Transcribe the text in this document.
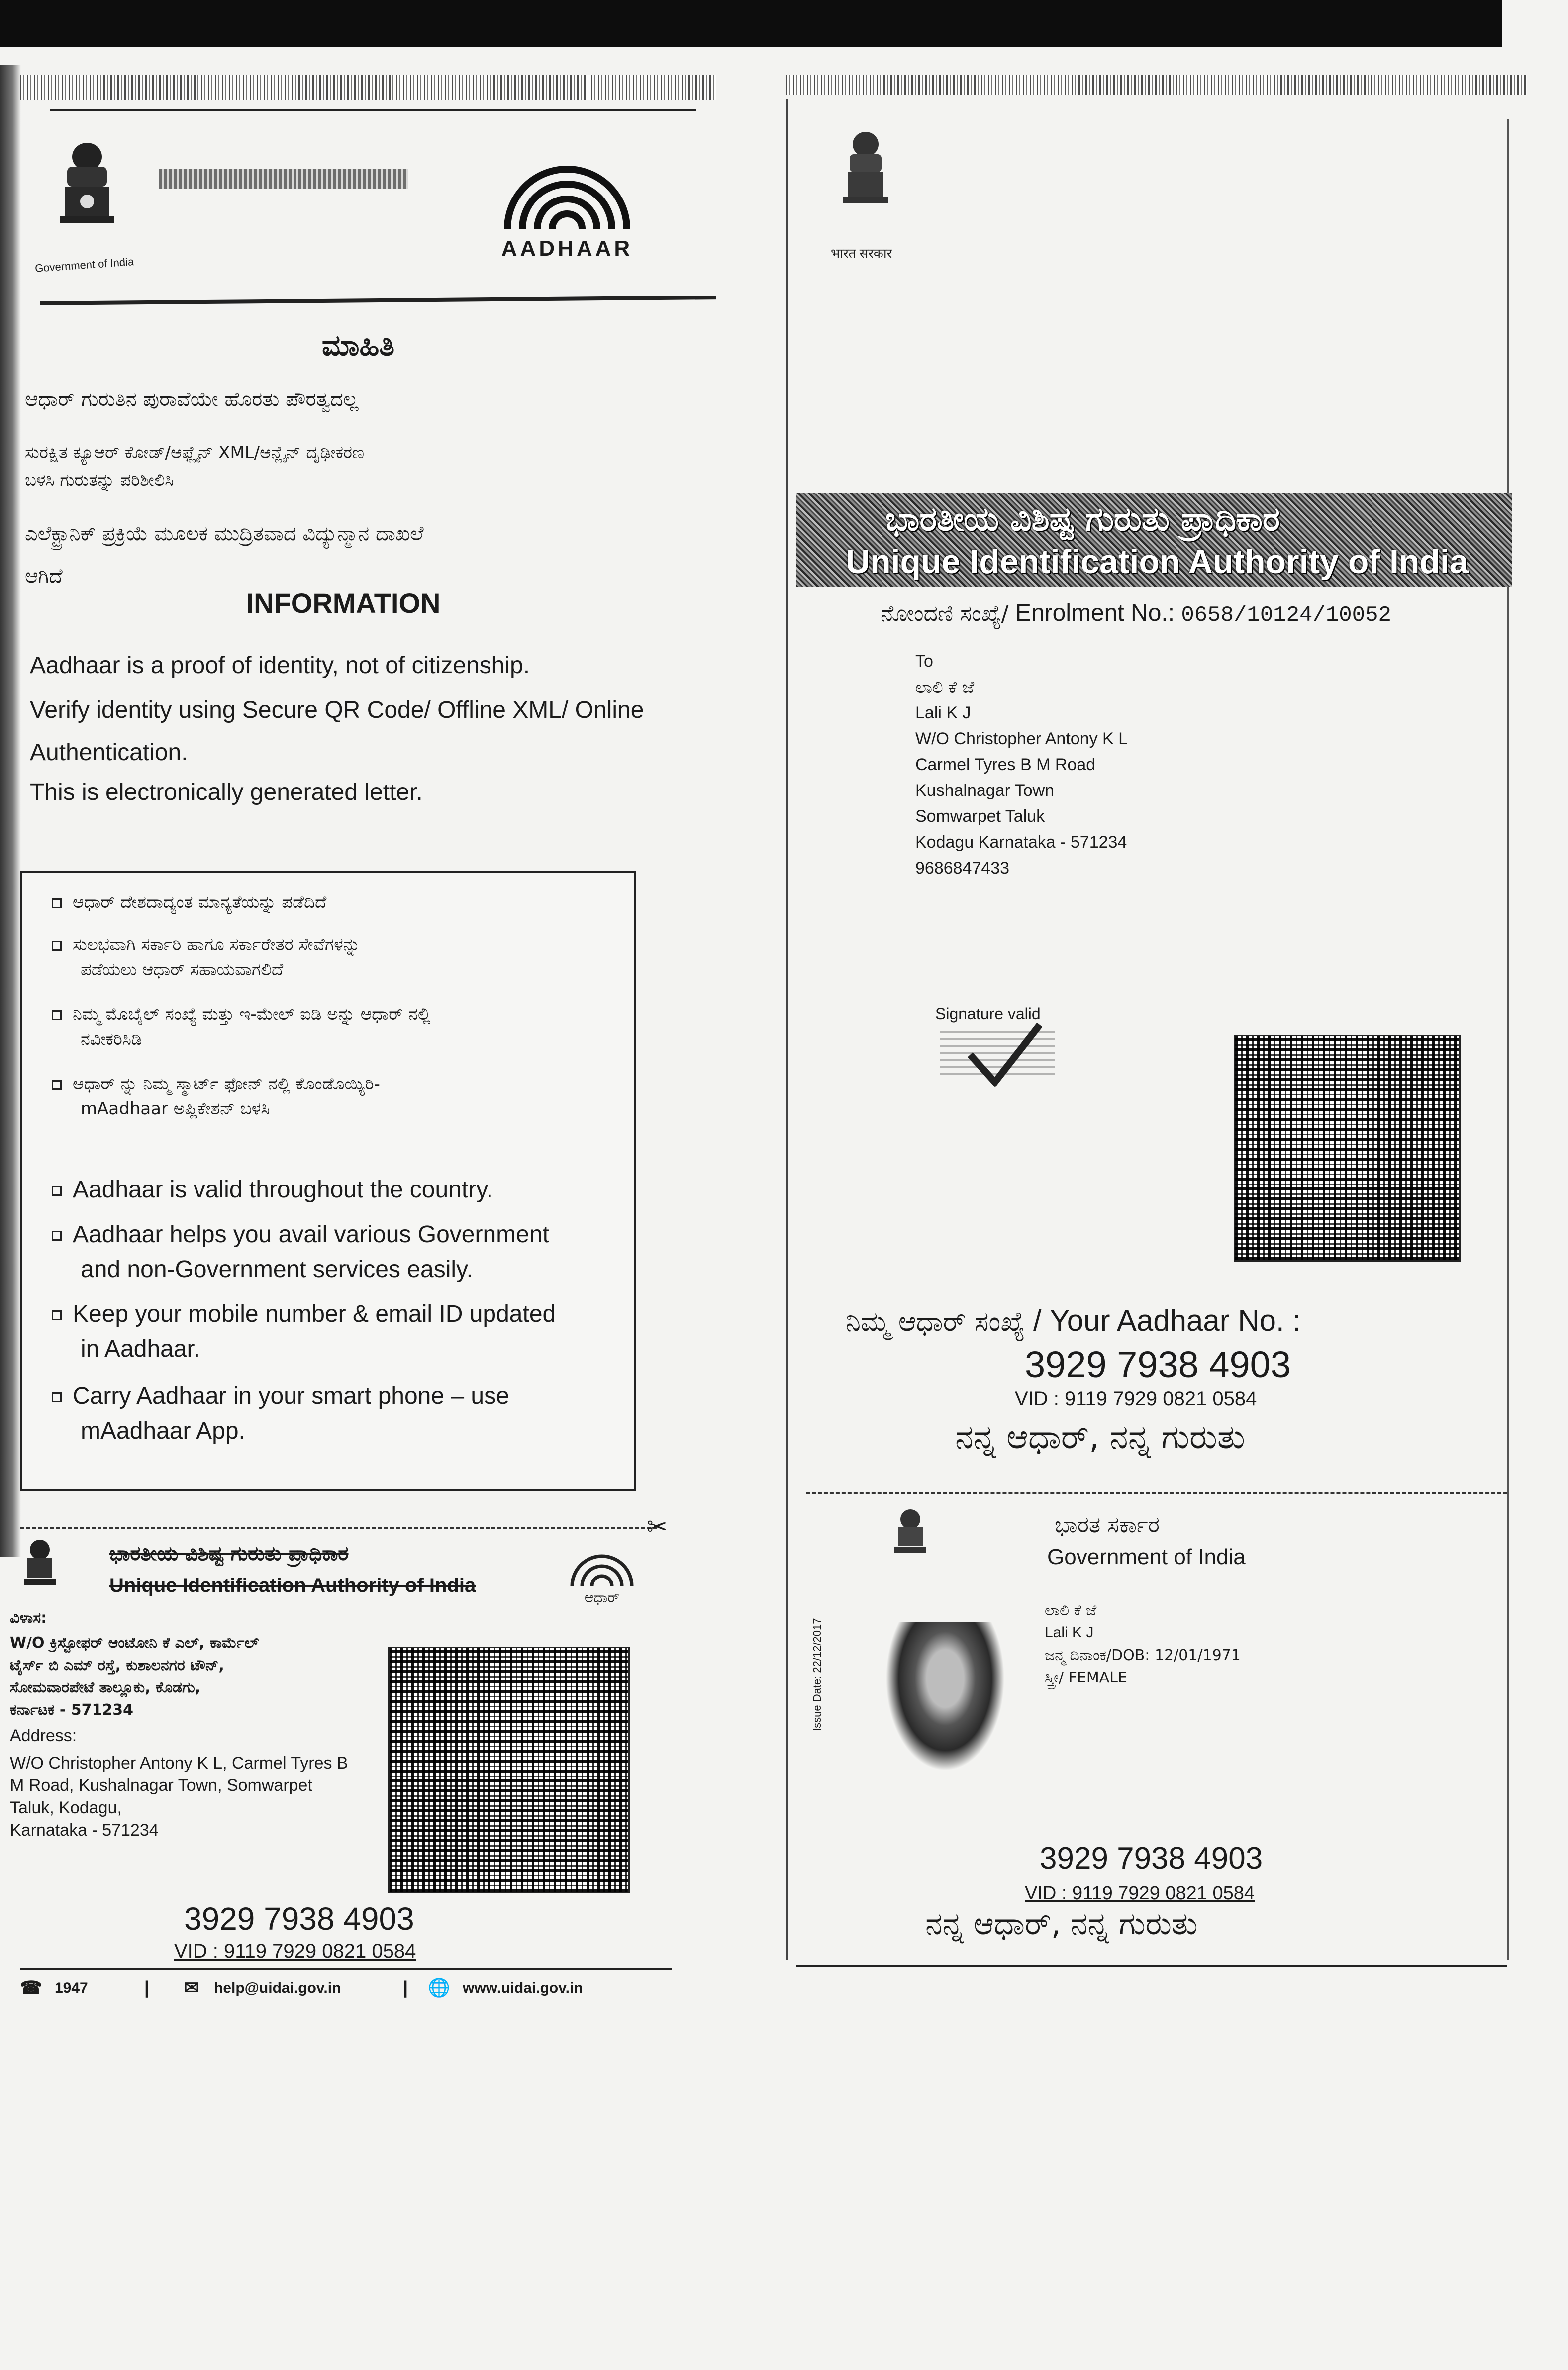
Government of India
AADHAAR
ಮಾಹಿತಿ
ಆಧಾರ್ ಗುರುತಿನ ಪುರಾವೆಯೇ ಹೊರತು ಪೌರತ್ವದಲ್ಲ
ಸುರಕ್ಷಿತ ಕ್ಯೂಆರ್ ಕೋಡ್/ಆಫ್ಲೈನ್ XML/ಆನ್ಲೈನ್ ದೃಢೀಕರಣ
ಬಳಸಿ ಗುರುತನ್ನು ಪರಿಶೀಲಿಸಿ
ಎಲೆಕ್ಟ್ರಾನಿಕ್ ಪ್ರಕ್ರಿಯೆ ಮೂಲಕ ಮುದ್ರಿತವಾದ ವಿದ್ಯುನ್ಮಾನ ದಾಖಲೆ
ಆಗಿದೆ
INFORMATION
Aadhaar is a proof of identity, not of citizenship.
Verify identity using Secure QR Code/ Offline XML/ Online
Authentication.
This is electronically generated letter.
ಆಧಾರ್ ದೇಶದಾದ್ಯಂತ ಮಾನ್ಯತೆಯನ್ನು ಪಡೆದಿದೆ
ಸುಲಭವಾಗಿ ಸರ್ಕಾರಿ ಹಾಗೂ ಸರ್ಕಾರೇತರ ಸೇವೆಗಳನ್ನು
ಪಡೆಯಲು ಆಧಾರ್ ಸಹಾಯವಾಗಲಿದೆ
ನಿಮ್ಮ ಮೊಬೈಲ್ ಸಂಖ್ಯೆ ಮತ್ತು ಇ-ಮೇಲ್ ಐಡಿ ಅನ್ನು ಆಧಾರ್ ನಲ್ಲಿ
ನವೀಕರಿಸಿಡಿ
ಆಧಾರ್ ನ್ನು ನಿಮ್ಮ ಸ್ಮಾರ್ಟ್ ಫೋನ್ ನಲ್ಲಿ ಕೊಂಡೊಯ್ಯಿರಿ-
mAadhaar ಅಪ್ಲಿಕೇಶನ್ ಬಳಸಿ
Aadhaar is valid throughout the country.
Aadhaar helps you avail various Government
and non-Government services easily.
Keep your mobile number & email ID updated
in Aadhaar.
Carry Aadhaar in your smart phone – use
mAadhaar App.
✂
ಭಾರತೀಯ ವಿಶಿಷ್ಟ ಗುರುತು ಪ್ರಾಧಿಕಾರ
Unique Identification Authority of India
ಆಧಾರ್
ವಿಳಾಸ:
W/O ಕ್ರಿಸ್ಟೋಫರ್ ಆಂಟೋನಿ ಕೆ ಎಲ್, ಕಾರ್ಮೆಲ್
ಟೈರ್ಸ್ ಬಿ ಎಮ್ ರಸ್ತೆ, ಕುಶಾಲನಗರ ಟೌನ್,
ಸೋಮವಾರಪೇಟೆ ತಾಲ್ಲೂಕು, ಕೊಡಗು,
ಕರ್ನಾಟಕ - 571234
Address:
W/O Christopher Antony K L, Carmel Tyres B
M Road, Kushalnagar Town, Somwarpet
Taluk, Kodagu,
Karnataka - 571234
3929 7938 4903
VID : 9119 7929 0821 0584
☎ 1947	| ✉ help@uidai.gov.in	| 🌐 www.uidai.gov.in
भारत सरकार
ಭಾರತೀಯ ವಿಶಿಷ್ಟ ಗುರುತು ಪ್ರಾಧಿಕಾರ
Unique Identification Authority of India
ನೋಂದಣಿ ಸಂಖ್ಯೆ/ Enrolment No.: 0658/10124/10052
To
ಲಾಲಿ ಕೆ ಜೆ
Lali K J
W/O Christopher Antony K L
Carmel Tyres B M Road
Kushalnagar Town
Somwarpet Taluk
Kodagu Karnataka - 571234
9686847433
Signature valid
ನಿಮ್ಮ ಆಧಾರ್ ಸಂಖ್ಯೆ / Your Aadhaar No. :
3929 7938 4903
VID : 9119 7929 0821 0584
ನನ್ನ ಆಧಾರ್, ನನ್ನ ಗುರುತು
ಭಾರತ ಸರ್ಕಾರ
Government of India
Issue Date: 22/12/2017
ಲಾಲಿ ಕೆ ಜೆ
Lali K J
ಜನ್ಮ ದಿನಾಂಕ/DOB: 12/01/1971
ಸ್ತ್ರೀ/ FEMALE
3929 7938 4903
VID : 9119 7929 0821 0584
ನನ್ನ ಆಧಾರ್, ನನ್ನ ಗುರುತು
